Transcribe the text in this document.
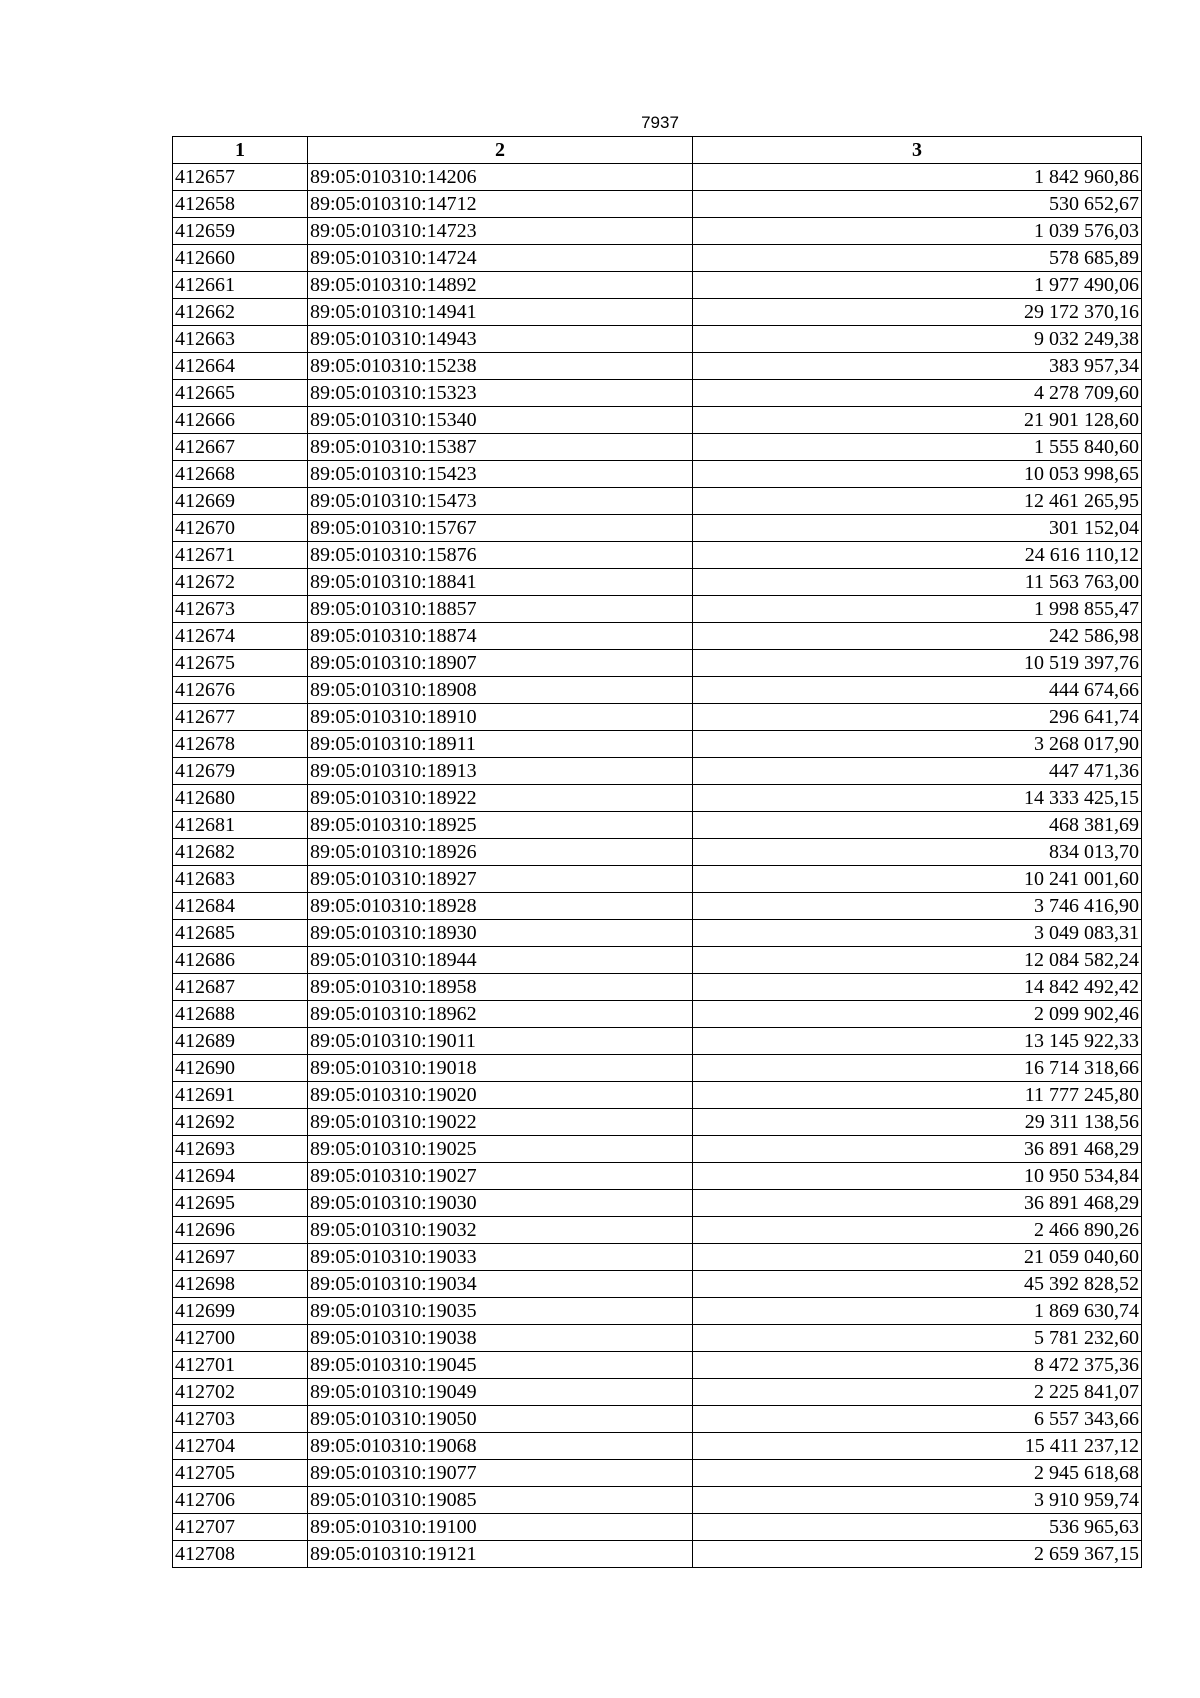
7937
1	2	3
412657	89:05:010310:14206	1 842 960,86
412658	89:05:010310:14712	530 652,67
412659	89:05:010310:14723	1 039 576,03
412660	89:05:010310:14724	578 685,89
412661	89:05:010310:14892	1 977 490,06
412662	89:05:010310:14941	29 172 370,16
412663	89:05:010310:14943	9 032 249,38
412664	89:05:010310:15238	383 957,34
412665	89:05:010310:15323	4 278 709,60
412666	89:05:010310:15340	21 901 128,60
412667	89:05:010310:15387	1 555 840,60
412668	89:05:010310:15423	10 053 998,65
412669	89:05:010310:15473	12 461 265,95
412670	89:05:010310:15767	301 152,04
412671	89:05:010310:15876	24 616 110,12
412672	89:05:010310:18841	11 563 763,00
412673	89:05:010310:18857	1 998 855,47
412674	89:05:010310:18874	242 586,98
412675	89:05:010310:18907	10 519 397,76
412676	89:05:010310:18908	444 674,66
412677	89:05:010310:18910	296 641,74
412678	89:05:010310:18911	3 268 017,90
412679	89:05:010310:18913	447 471,36
412680	89:05:010310:18922	14 333 425,15
412681	89:05:010310:18925	468 381,69
412682	89:05:010310:18926	834 013,70
412683	89:05:010310:18927	10 241 001,60
412684	89:05:010310:18928	3 746 416,90
412685	89:05:010310:18930	3 049 083,31
412686	89:05:010310:18944	12 084 582,24
412687	89:05:010310:18958	14 842 492,42
412688	89:05:010310:18962	2 099 902,46
412689	89:05:010310:19011	13 145 922,33
412690	89:05:010310:19018	16 714 318,66
412691	89:05:010310:19020	11 777 245,80
412692	89:05:010310:19022	29 311 138,56
412693	89:05:010310:19025	36 891 468,29
412694	89:05:010310:19027	10 950 534,84
412695	89:05:010310:19030	36 891 468,29
412696	89:05:010310:19032	2 466 890,26
412697	89:05:010310:19033	21 059 040,60
412698	89:05:010310:19034	45 392 828,52
412699	89:05:010310:19035	1 869 630,74
412700	89:05:010310:19038	5 781 232,60
412701	89:05:010310:19045	8 472 375,36
412702	89:05:010310:19049	2 225 841,07
412703	89:05:010310:19050	6 557 343,66
412704	89:05:010310:19068	15 411 237,12
412705	89:05:010310:19077	2 945 618,68
412706	89:05:010310:19085	3 910 959,74
412707	89:05:010310:19100	536 965,63
412708	89:05:010310:19121	2 659 367,15
